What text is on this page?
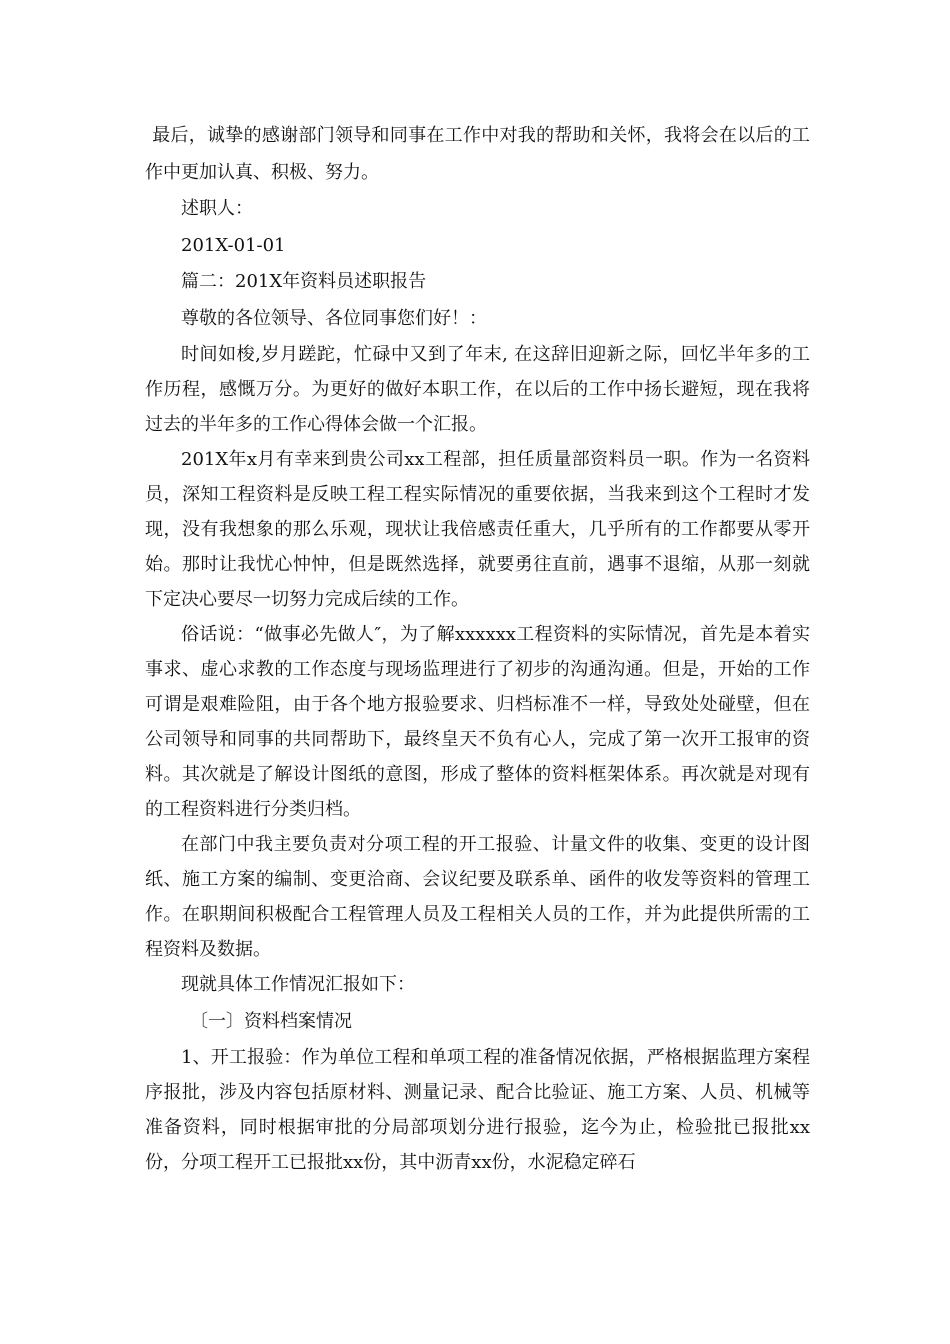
最后，诚挚的感谢部门领导和同事在工作中对我的帮助和关怀，我将会在以后的工作中更加认真、积极、努力。

述职人：

201X-01-01

篇二：201X年资料员述职报告

尊敬的各位领导、各位同事您们好！：

时间如梭,岁月蹉跎，忙碌中又到了年末, 在这辞旧迎新之际，回忆半年多的工作历程，感慨万分。为更好的做好本职工作，在以后的工作中扬长避短，现在我将过去的半年多的工作心得体会做一个汇报。

201X年x月有幸来到贵公司xx工程部，担任质量部资料员一职。作为一名资料员，深知工程资料是反映工程工程实际情况的重要依据，当我来到这个工程时才发现，没有我想象的那么乐观，现状让我倍感责任重大，几乎所有的工作都要从零开始。那时让我忧心忡忡，但是既然选择，就要勇往直前，遇事不退缩，从那一刻就下定决心要尽一切努力完成后续的工作。

俗话说：“做事必先做人″，为了解xxxxxx工程资料的实际情况，首先是本着实事求、虚心求教的工作态度与现场监理进行了初步的沟通沟通。但是，开始的工作可谓是艰难险阻，由于各个地方报验要求、归档标准不一样，导致处处碰壁，但在公司领导和同事的共同帮助下，最终皇天不负有心人，完成了第一次开工报审的资料。其次就是了解设计图纸的意图，形成了整体的资料框架体系。再次就是对现有的工程资料进行分类归档。

在部门中我主要负责对分项工程的开工报验、计量文件的收集、变更的设计图纸、施工方案的编制、变更洽商、会议纪要及联系单、函件的收发等资料的管理工作。在职期间积极配合工程管理人员及工程相关人员的工作，并为此提供所需的工程资料及数据。

现就具体工作情况汇报如下：

〔一〕资料档案情况

1、开工报验：作为单位工程和单项工程的准备情况依据，严格根据监理方案程序报批，涉及内容包括原材料、测量记录、配合比验证、施工方案、人员、机械等准备资料，同时根据审批的分局部项划分进行报验，迄今为止，检验批已报批xx份，分项工程开工已报批xx份，其中沥青xx份，水泥稳定碎石
